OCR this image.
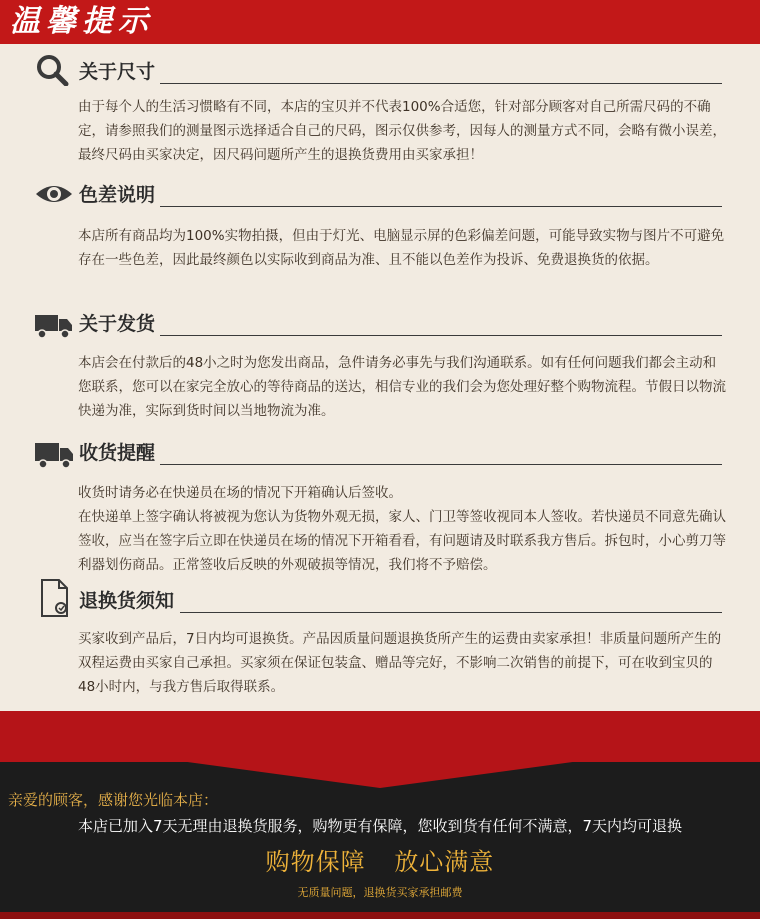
温馨提示
关于尺寸

由于每个人的生活习惯略有不同，本店的宝贝并不代表100%合适您，针对部分顾客对自己所需尺码的不确定，请参照我们的测量图示选择适合自己的尺码，图示仅供参考，因每人的测量方式不同，会略有微小误差，最终尺码由买家决定，因尺码问题所产生的退换货费用由买家承担！

色差说明

本店所有商品均为100%实物拍摄，但由于灯光、电脑显示屏的色彩偏差问题，可能导致实物与图片不可避免存在一些色差，因此最终颜色以实际收到商品为准、且不能以色差作为投诉、免费退换货的依据。

关于发货

本店会在付款后的48小之时为您发出商品，急件请务必事先与我们沟通联系。如有任何问题我们都会主动和您联系，您可以在家完全放心的等待商品的送达，相信专业的我们会为您处理好整个购物流程。节假日以物流快递为准，实际到货时间以当地物流为准。

收货提醒

收货时请务必在快递员在场的情况下开箱确认后签收。

在快递单上签字确认将被视为您认为货物外观无损，家人、门卫等签收视同本人签收。若快递员不同意先确认签收，应当在签字后立即在快递员在场的情况下开箱看看，有问题请及时联系我方售后。拆包时，小心剪刀等利器划伤商品。正常签收后反映的外观破损等情况，我们将不予赔偿。

退换货须知

买家收到产品后，7日内均可退换货。产品因质量问题退换货所产生的运费由卖家承担！非质量问题所产生的双程运费由买家自己承担。买家须在保证包装盒、赠品等完好，不影响二次销售的前提下，可在收到宝贝的48小时内，与我方售后取得联系。

亲爱的顾客，感谢您光临本店：
本店已加入7天无理由退换货服务，购物更有保障，您收到货有任何不满意，7天内均可退换
购物保障 放心满意
无质量问题，退换货买家承担邮费
